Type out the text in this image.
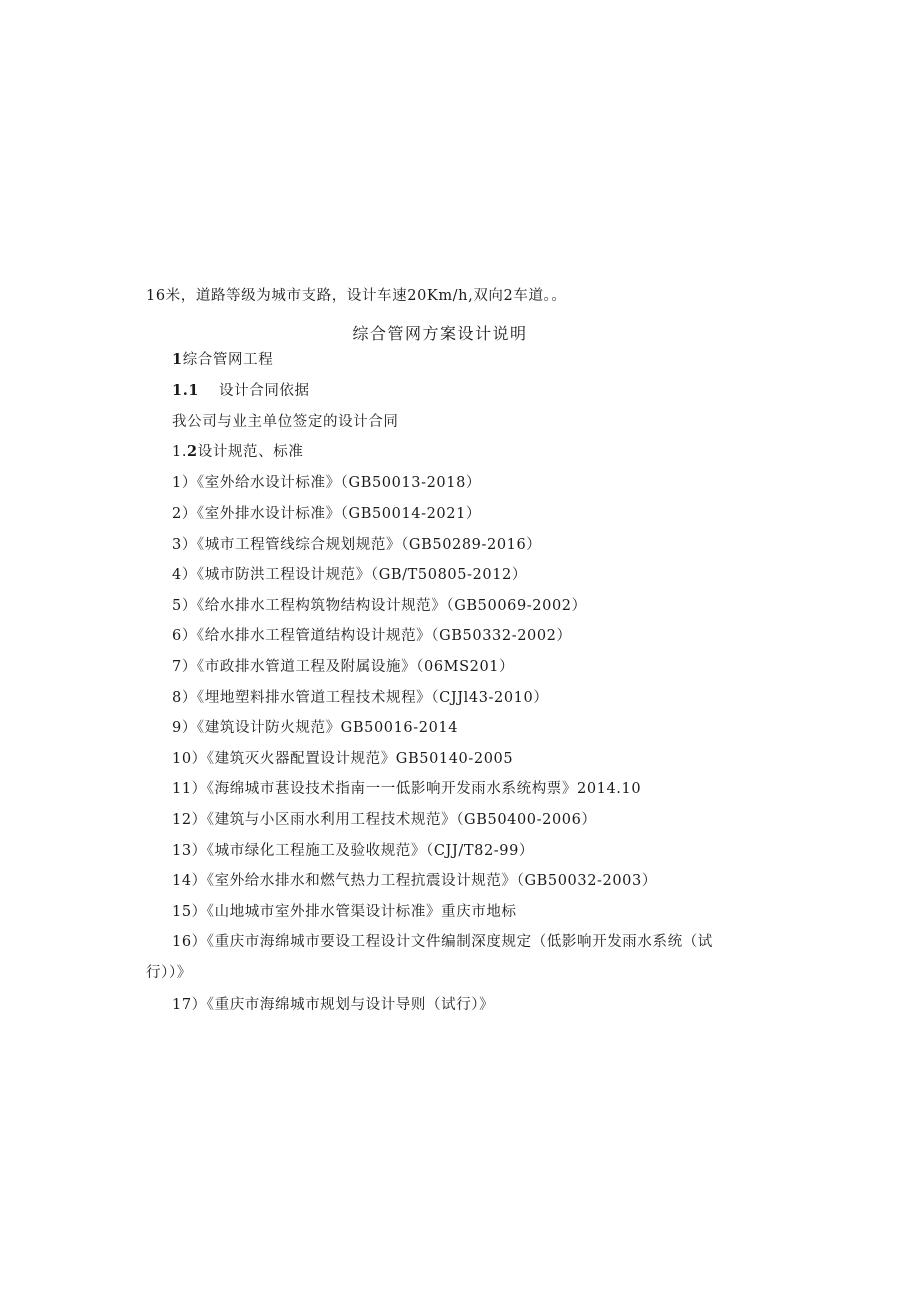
16米，道路等级为城市支路，设计车速20Km/h,双向2车道。。
综合管网方案设计说明
1综合管网工程
1.1 设计合同依据
我公司与业主单位签定的设计合同
1.2设计规范、标准
1）《室外给水设计标准》（GB50013-2018）
2）《室外排水设计标准》（GB50014-2021）
3）《城市工程管线综合规划规范》（GB50289-2016）
4）《城市防洪工程设计规范》（GB/T50805-2012）
5）《给水排水工程构筑物结构设计规范》（GB50069-2002）
6）《给水排水工程管道结构设计规范》（GB50332-2002）
7）《市政排水管道工程及附属设施》（06MS201）
8）《埋地塑料排水管道工程技术规程》（CJJl43-2010）
9）《建筑设计防火规范》GB50016-2014
10）《建筑灭火器配置设计规范》GB50140-2005
11）《海绵城市葚设技术指南一一低影响开发雨水系统构票》2014.10
12）《建筑与小区雨水利用工程技术规范》（GB50400-2006）
13）《城市绿化工程施工及验收规范》（CJJ/T82-99）
14）《室外给水排水和燃气热力工程抗震设计规范》（GB50032-2003）
15）《山地城市室外排水管渠设计标准》重庆市地标
16）《重庆市海绵城市要设工程设计文件编制深度规定（低影响开发雨水系统（试
行））》
17）《重庆市海绵城市规划与设计导则（试行）》
